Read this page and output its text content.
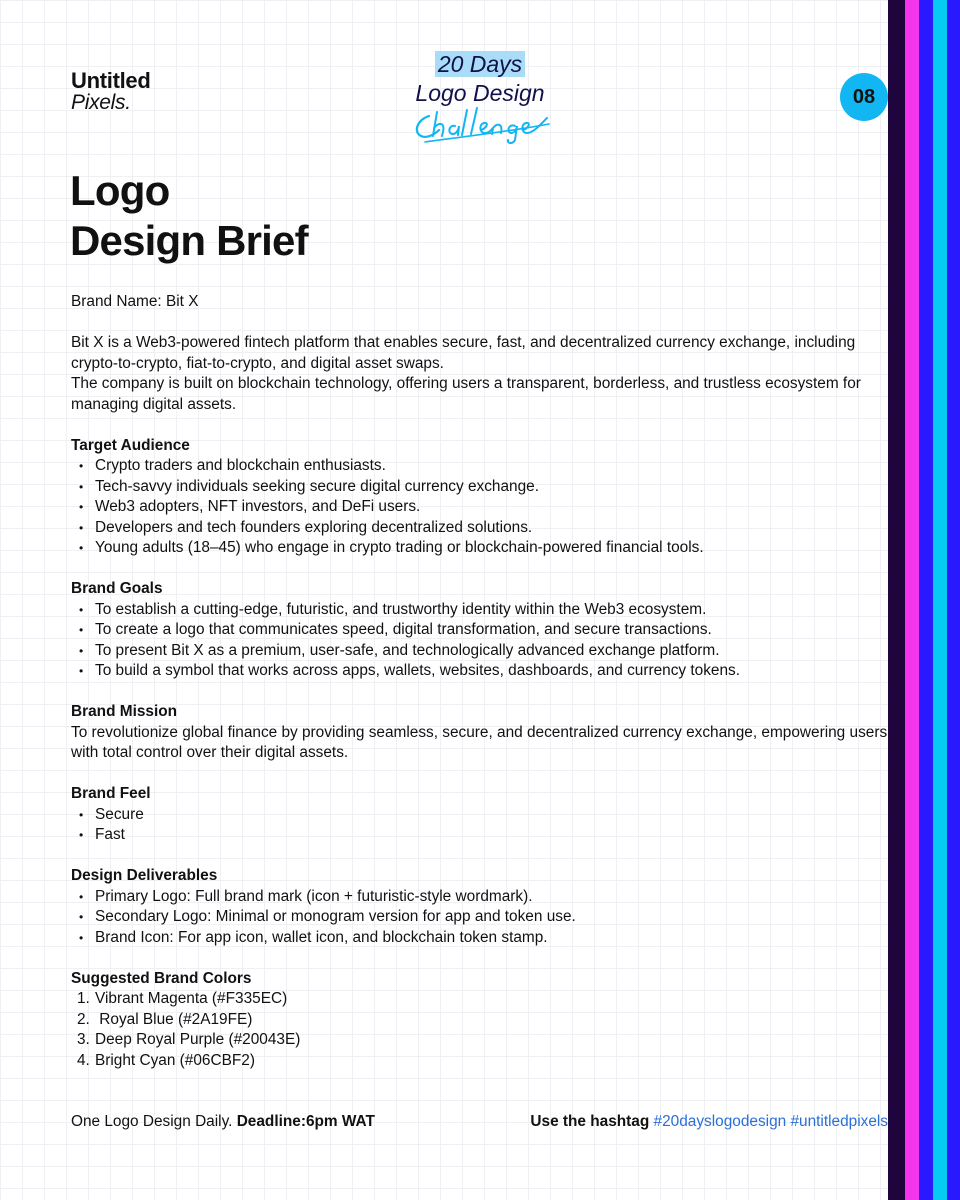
Untitled
Pixels.
20 Days
Logo Design	08
Logo
Design Brief

Brand Name: Bit X

Bit X is a Web3-powered fintech platform that enables secure, fast, and decentralized currency exchange, including crypto-to-crypto, fiat-to-crypto, and digital asset swaps.

The company is built on blockchain technology, offering users a transparent, borderless, and trustless ecosystem for managing digital assets.

Target Audience

• Crypto traders and blockchain enthusiasts.
• Tech-savvy individuals seeking secure digital currency exchange.
• Web3 adopters, NFT investors, and DeFi users.
• Developers and tech founders exploring decentralized solutions.
• Young adults (18–45) who engage in crypto trading or blockchain-powered financial tools.

Brand Goals

• To establish a cutting-edge, futuristic, and trustworthy identity within the Web3 ecosystem.
• To create a logo that communicates speed, digital transformation, and secure transactions.
• To present Bit X as a premium, user-safe, and technologically advanced exchange platform.
• To build a symbol that works across apps, wallets, websites, dashboards, and currency tokens.

Brand Mission

To revolutionize global finance by providing seamless, secure, and decentralized currency exchange, empowering users with total control over their digital assets.

Brand Feel

• Secure
• Fast

Design Deliverables

• Primary Logo: Full brand mark (icon + futuristic-style wordmark).
• Secondary Logo: Minimal or monogram version for app and token use.
• Brand Icon: For app icon, wallet icon, and blockchain token stamp.

Suggested Brand Colors

1. Vibrant Magenta (#F335EC)
2. Royal Blue (#2A19FE)
3. Deep Royal Purple (#20043E)
4. Bright Cyan (#06CBF2)
One Logo Design Daily. Deadline:6pm WAT	Use the hashtag #20dayslogodesign #untitledpixels
